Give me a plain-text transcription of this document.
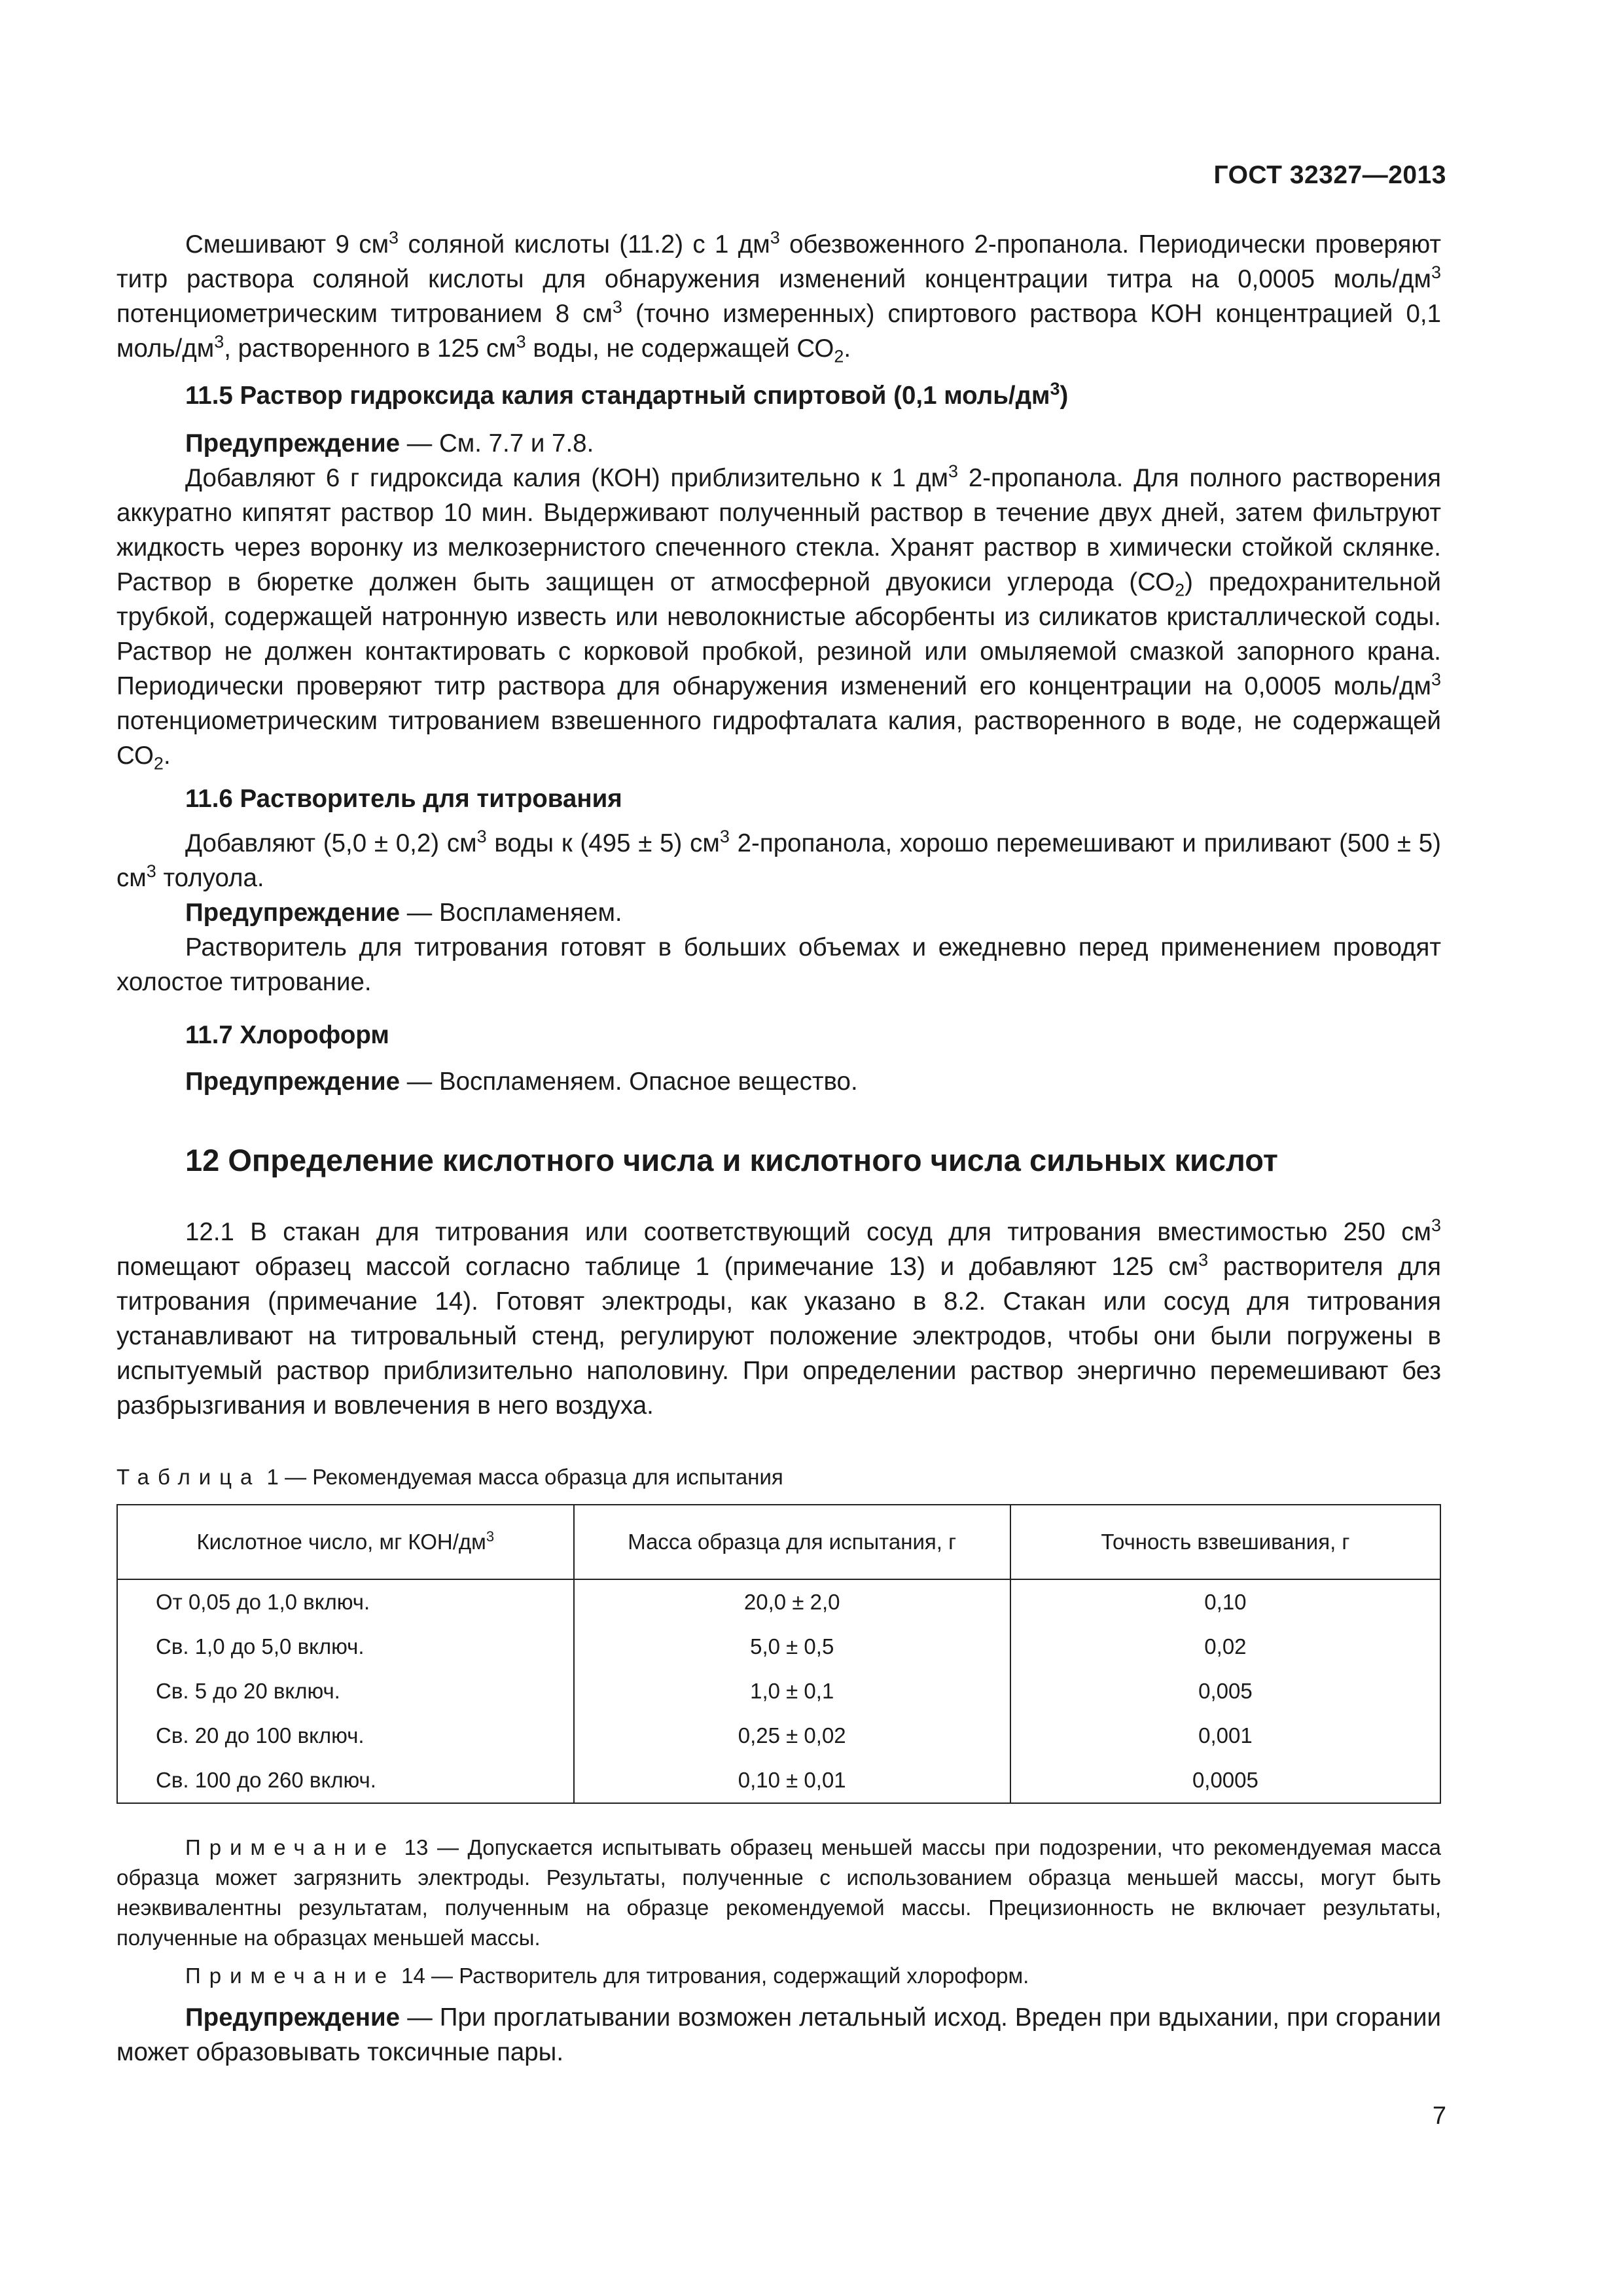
ГОСТ 32327—2013

Смешивают 9 $см^3$ соляной кислоты (11.2) с 1 $дм^3$ обезвоженного 2-пропанола. Периодически проверяют титр раствора соляной кислоты для обнаружения изменений концентрации титра на 0,0005 моль/$дм^3$ потенциометрическим титрованием 8 $см^3$ (точно измеренных) спиртового раствора КОН концентрацией 0,1 моль/$дм^3$, растворенного в 125 $см^3$ воды, не содержащей $СО_2$.

11.5 Раствор гидроксида калия стандартный спиртовой (0,1 моль/$дм^3$)

Предупреждение — См. 7.7 и 7.8.

Добавляют 6 г гидроксида калия (КОН) приблизительно к 1 $дм^3$ 2-пропанола. Для полного растворения аккуратно кипятят раствор 10 мин. Выдерживают полученный раствор в течение двух дней, затем фильтруют жидкость через воронку из мелкозернистого спеченного стекла. Хранят раствор в химически стойкой склянке. Раствор в бюретке должен быть защищен от атмосферной двуокиси углерода $(СО_2)$ предохранительной трубкой, содержащей натронную известь или неволокнистые абсорбенты из силикатов кристаллической соды. Раствор не должен контактировать с корковой пробкой, резиной или омыляемой смазкой запорного крана. Периодически проверяют титр раствора для обнаружения изменений его концентрации на 0,0005 моль/$дм^3$ потенциометрическим титрованием взвешенного гидрофталата калия, растворенного в воде, не содержащей $СО_2$.

11.6 Растворитель для титрования

Добавляют (5,0 ± 0,2) $см^3$ воды к (495 ± 5) $см^3$ 2-пропанола, хорошо перемешивают и приливают (500 ± 5) $см^3$ толуола.

Предупреждение — Воспламеняем.

Растворитель для титрования готовят в больших объемах и ежедневно перед применением проводят холостое титрование.

11.7 Хлороформ

Предупреждение — Воспламеняем. Опасное вещество.

12 Определение кислотного числа и кислотного числа сильных кислот

12.1 В стакан для титрования или соответствующий сосуд для титрования вместимостью 250 $см^3$ помещают образец массой согласно таблице 1 (примечание 13) и добавляют 125 $см^3$ растворителя для титрования (примечание 14). Готовят электроды, как указано в 8.2. Стакан или сосуд для титрования устанавливают на титровальный стенд, регулируют положение электродов, чтобы они были погружены в испытуемый раствор приблизительно наполовину. При определении раствор энергично перемешивают без разбрызгивания и вовлечения в него воздуха.

Таблица 1 — Рекомендуемая масса образца для испытания
Кислотное число, мг КОН/$дм^3$	Масса образца для испытания, г	Точность взвешивания, г
От 0,05 до 1,0 включ.	20,0 ± 2,0	0,10
Св. 1,0 до 5,0 включ.	5,0 ± 0,5	0,02
Св. 5 до 20 включ.	1,0 ± 0,1	0,005
Св. 20 до 100 включ.	0,25 ± 0,02	0,001
Св. 100 до 260 включ.	0,10 ± 0,01	0,0005

Примечание 13 — Допускается испытывать образец меньшей массы при подозрении, что рекомендуемая масса образца может загрязнить электроды. Результаты, полученные с использованием образца меньшей массы, могут быть неэквивалентны результатам, полученным на образце рекомендуемой массы. Прецизионность не включает результаты, полученные на образцах меньшей массы.

Примечание 14 — Растворитель для титрования, содержащий хлороформ.

Предупреждение — При проглатывании возможен летальный исход. Вреден при вдыхании, при сгорании может образовывать токсичные пары.

7
